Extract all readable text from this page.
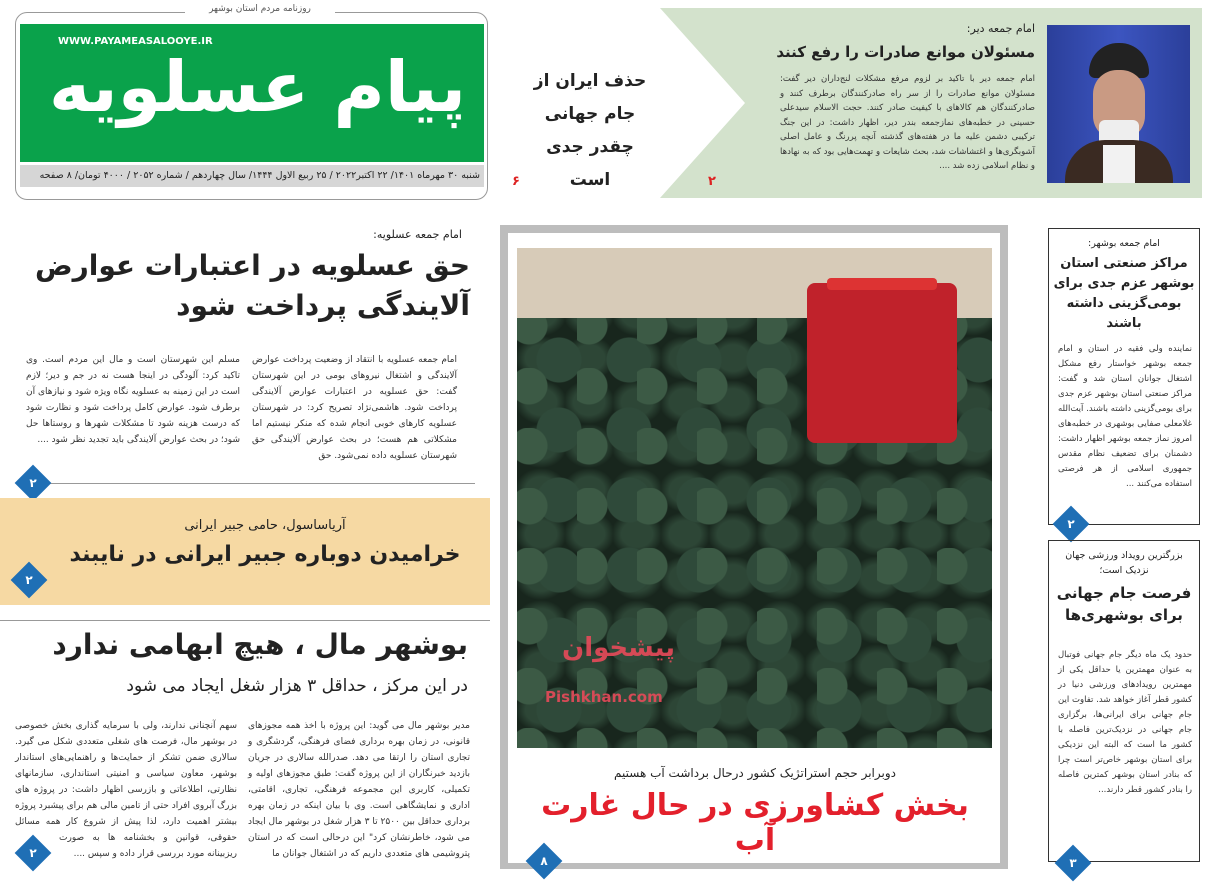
روزنامه مردم استان بوشهر
WWW.PAYAMEASALOOYE.IR
پیام عسلویه
شنبه ۳۰ مهرماه ۱۴۰۱/ ۲۲ اکتبر۲۰۲۲ / ۲۵ ربیع الاول ۱۴۴۴/ سال چهاردهم / شماره ۲۰۵۲ / ۴۰۰۰ تومان/ ۸ صفحه
حذف ایران از جام جهانی چقدر جدی است
۶
امام جمعه دیر:
مسئولان موانع صادرات را رفع کنند
امام جمعه دیر با تاکید بر لزوم مرفع مشکلات لنج‌داران دیر گفت: مسئولان موانع صادرات را از سر راه صادرکنندگان برطرف کنند و صادرکنندگان هم کالاهای با کیفیت صادر کنند. حجت الاسلام سیدعلی حسینی در خطبه‌های نمازجمعه بندر دیر، اظهار داشت: در این جنگ ترکیبی دشمن علیه ما در هفته‌های گذشته آنچه پررنگ و عامل اصلی آشوبگری‌ها و اغتشاشات شد، بحث شایعات و تهمت‌هایی بود که به نهادها و نظام اسلامی زده شد ....
۲
امام جمعه عسلویه:
حق عسلویه در اعتبارات عوارض آلایندگی پرداخت شود
امام جمعه عسلویه با انتقاد از وضعیت پرداخت عوارض آلایندگی و اشتغال نیروهای بومی در این شهرستان گفت: حق عسلویه در اعتبارات عوارض آلایندگی پرداخت شود. هاشمی‌نژاد تصریح کرد: در شهرستان عسلویه کارهای خوبی انجام شده که منکر نیستیم اما مشکلاتی هم هست؛ در بحث عوارض آلایندگی حق شهرستان عسلویه داده نمی‌شود. حق
مسلم این شهرستان است و مال این مردم است. وی تاکید کرد: آلودگی در اینجا هست نه در جم و دیر؛ لازم است در این زمینه به عسلویه نگاه ویژه شود و نیازهای آن برطرف شود. عوارض کامل پرداخت شود و نظارت شود که درست هزینه شود تا مشکلات شهرها و روستاها حل شود؛ در بحث عوارض آلایندگی باید تجدید نظر شود ....
۲
آریاساسول، حامی جبیر ایرانی
خرامیدن دوباره جبیر ایرانی در نایبند
۲
بوشهر مال ، هیچ ابهامی ندارد
در این مرکز ، حداقل ۳ هزار شغل ایجاد می شود
مدیر بوشهر مال می گوید: این پروژه با اخذ همه مجوزهای قانونی، در زمان بهره برداری فضای فرهنگی، گردشگری و تجاری استان را ارتقا می دهد. صدرالله سالاری در جریان بازدید خبرنگاران از این پروژه گفت: طبق مجوزهای اولیه و تکمیلی، کاربری این مجموعه فرهنگی، تجاری، اقامتی، اداری و نمایشگاهی است. وی با بیان اینکه در زمان بهره برداری حداقل بین ۲۵۰۰ تا ۳ هزار شغل در بوشهر مال ایجاد می شود، خاطرنشان کرد" این درحالی است که در استان پتروشیمی های متعددی داریم که در اشتغال جوانان ما
سهم آنچنانی ندارند، ولی با سرمایه گذاری بخش خصوصی در بوشهر مال، فرصت های شغلی متعددی شکل می گیرد. سالاری ضمن تشکر از حمایت‌ها و راهنمایی‌های استاندار بوشهر، معاون سیاسی و امنیتی استانداری، سازمانهای نظارتی، اطلاعاتی و بازرسی اظهار داشت: در پروژه های بزرگ آبروی افراد حتی از تامین مالی هم برای پیشبرد پروژه بیشتر اهمیت دارد، لذا پیش از شروع کار همه مسائل حقوقی، قوانین و بخشنامه ها به صورت ریزبینانه مورد بررسی قرار داده و سپس ....
۲
پیشخوان
Pishkhan.com
دوبرابر حجم استراتژیک کشور درحال برداشت آب هستیم
بخش کشاورزی در حال غارت آب
۸
امام جمعه بوشهر:
مراکز صنعتی استان بوشهر عزم جدی برای بومی‌گزینی داشته باشند
نماینده ولی فقیه در استان و امام جمعه بوشهر خواستار رفع مشکل اشتغال جوانان استان شد و گفت: مراکز صنعتی استان بوشهر عزم جدی برای بومی‌گزینی داشته باشند. آیت‌الله غلامعلی صفایی بوشهری در خطبه‌های امروز نماز جمعه بوشهر اظهار داشت: دشمنان برای تضعیف نظام مقدس جمهوری اسلامی از هر فرصتی استفاده می‌کنند ...
۲
بزرگترین رویداد ورزشی جهان نزدیک است؛
فرصت جام جهانی برای بوشهری‌ها
حدود یک ماه دیگر جام جهانی فوتبال به عنوان مهمترین یا حداقل یکی از مهمترین رویدادهای ورزشی دنیا در کشور قطر آغاز خواهد شد. تفاوت این جام جهانی برای ایرانی‌ها، برگزاری جام جهانی در نزدیک‌ترین فاصله با کشور ما است که البته این نزدیکی برای استان بوشهر خاص‌تر است چرا که بنادر استان بوشهر کمترین فاصله را بنادر کشور قطر دارند...
۳
